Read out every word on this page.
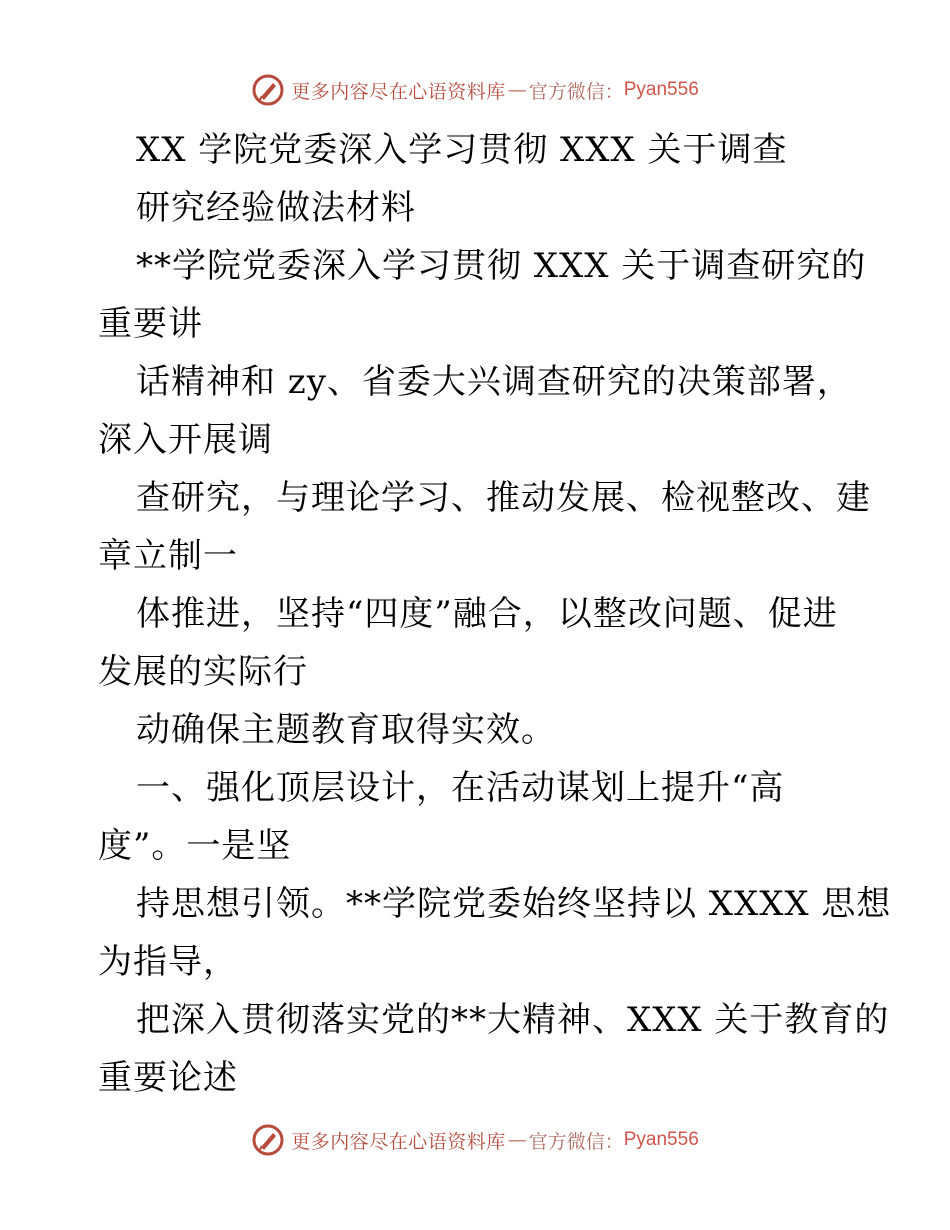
更多内容尽在心语资料库 — 官方微信： Pyan556
XX 学院党委深入学习贯彻 XXX 关于调查
研究经验做法材料
**学院党委深入学习贯彻 XXX 关于调查研究的
重要讲
话精神和 zy、省委大兴调查研究的决策部署，
深入开展调
查研究，与理论学习、推动发展、检视整改、建
章立制一
体推进，坚持“四度”融合，以整改问题、促进
发展的实际行
动确保主题教育取得实效。
一、强化顶层设计，在活动谋划上提升“高
度”。一是坚
持思想引领。**学院党委始终坚持以 XXXX 思想
为指导，
把深入贯彻落实党的**大精神、XXX 关于教育的
重要论述
更多内容尽在心语资料库 — 官方微信： Pyan556
